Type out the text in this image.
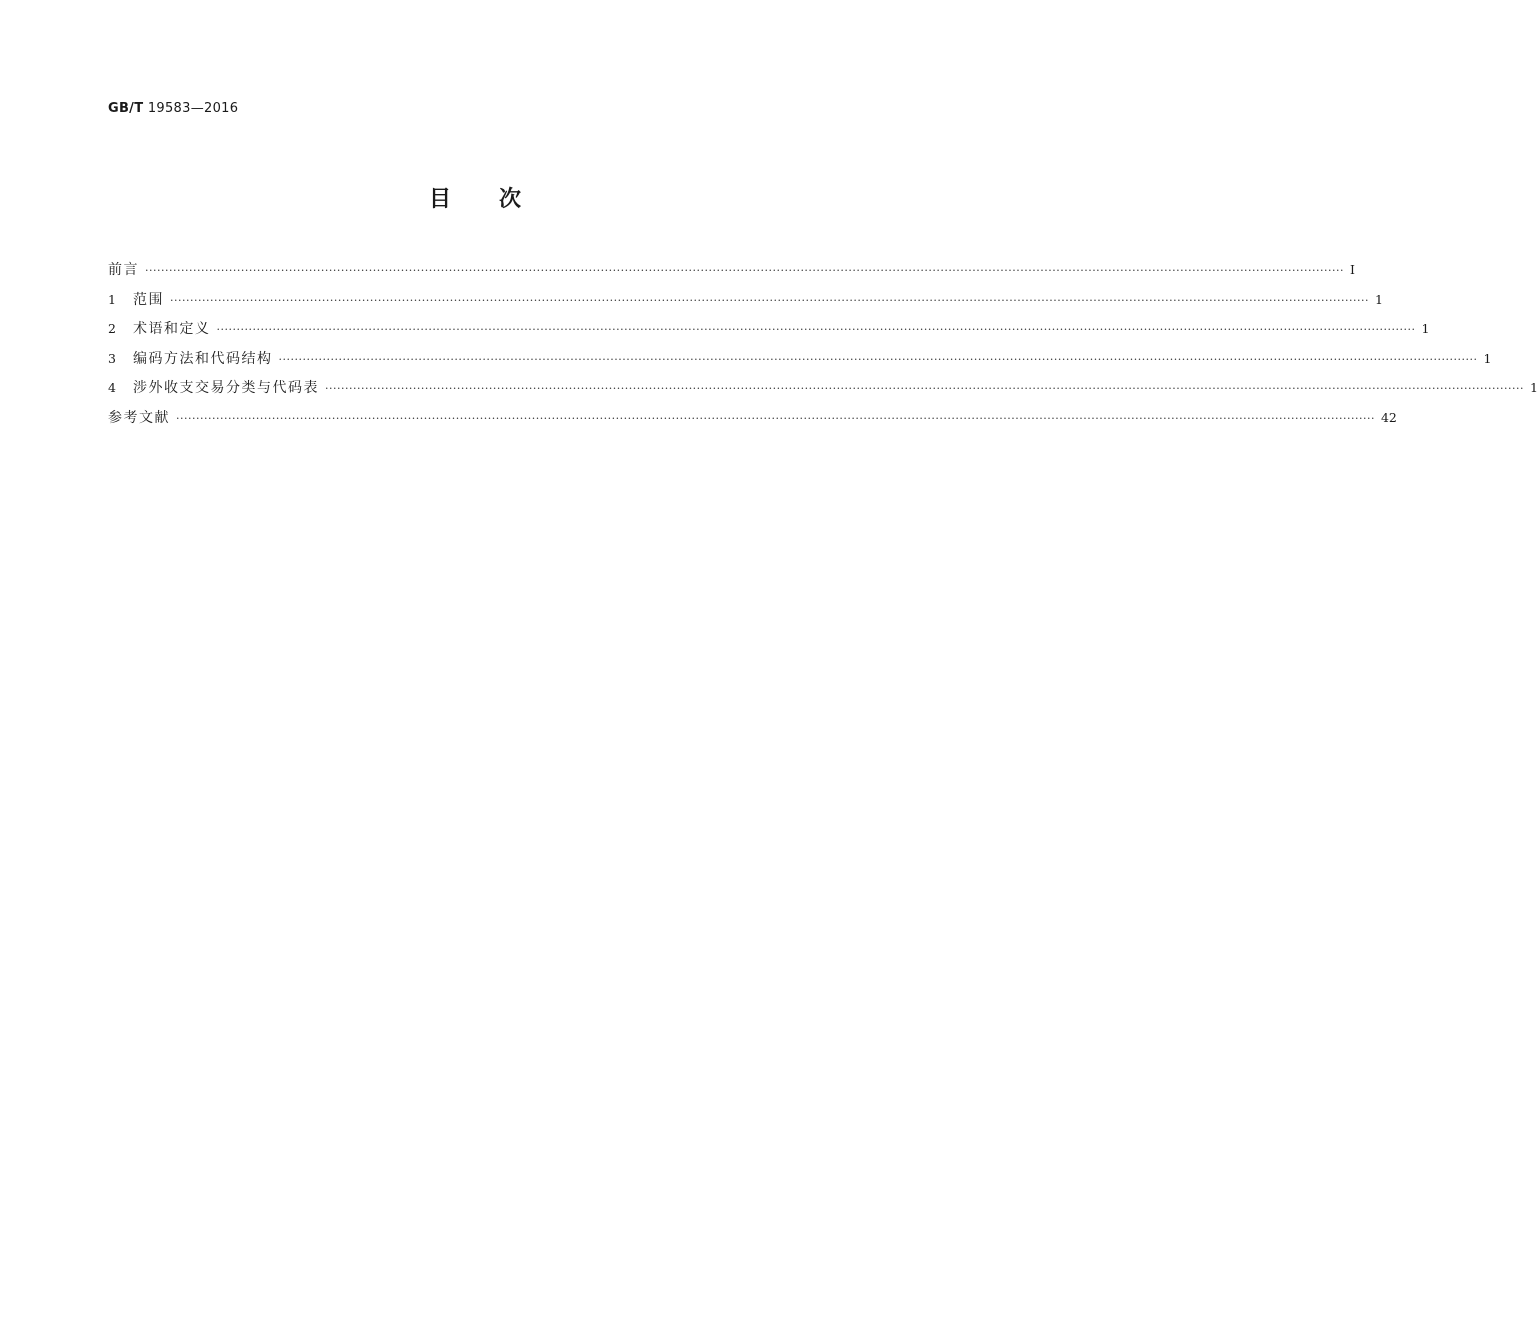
GB/T 19583—2016
目次
前言 ············································································································································································································································································································ Ⅰ
1	范围 ············································································································································································································································································································ 1
2	术语和定义 ············································································································································································································································································································ 1
3	编码方法和代码结构 ············································································································································································································································································································ 1
4	涉外收支交易分类与代码表 ············································································································································································································································································································ 1
参考文献 ············································································································································································································································································································ 42
